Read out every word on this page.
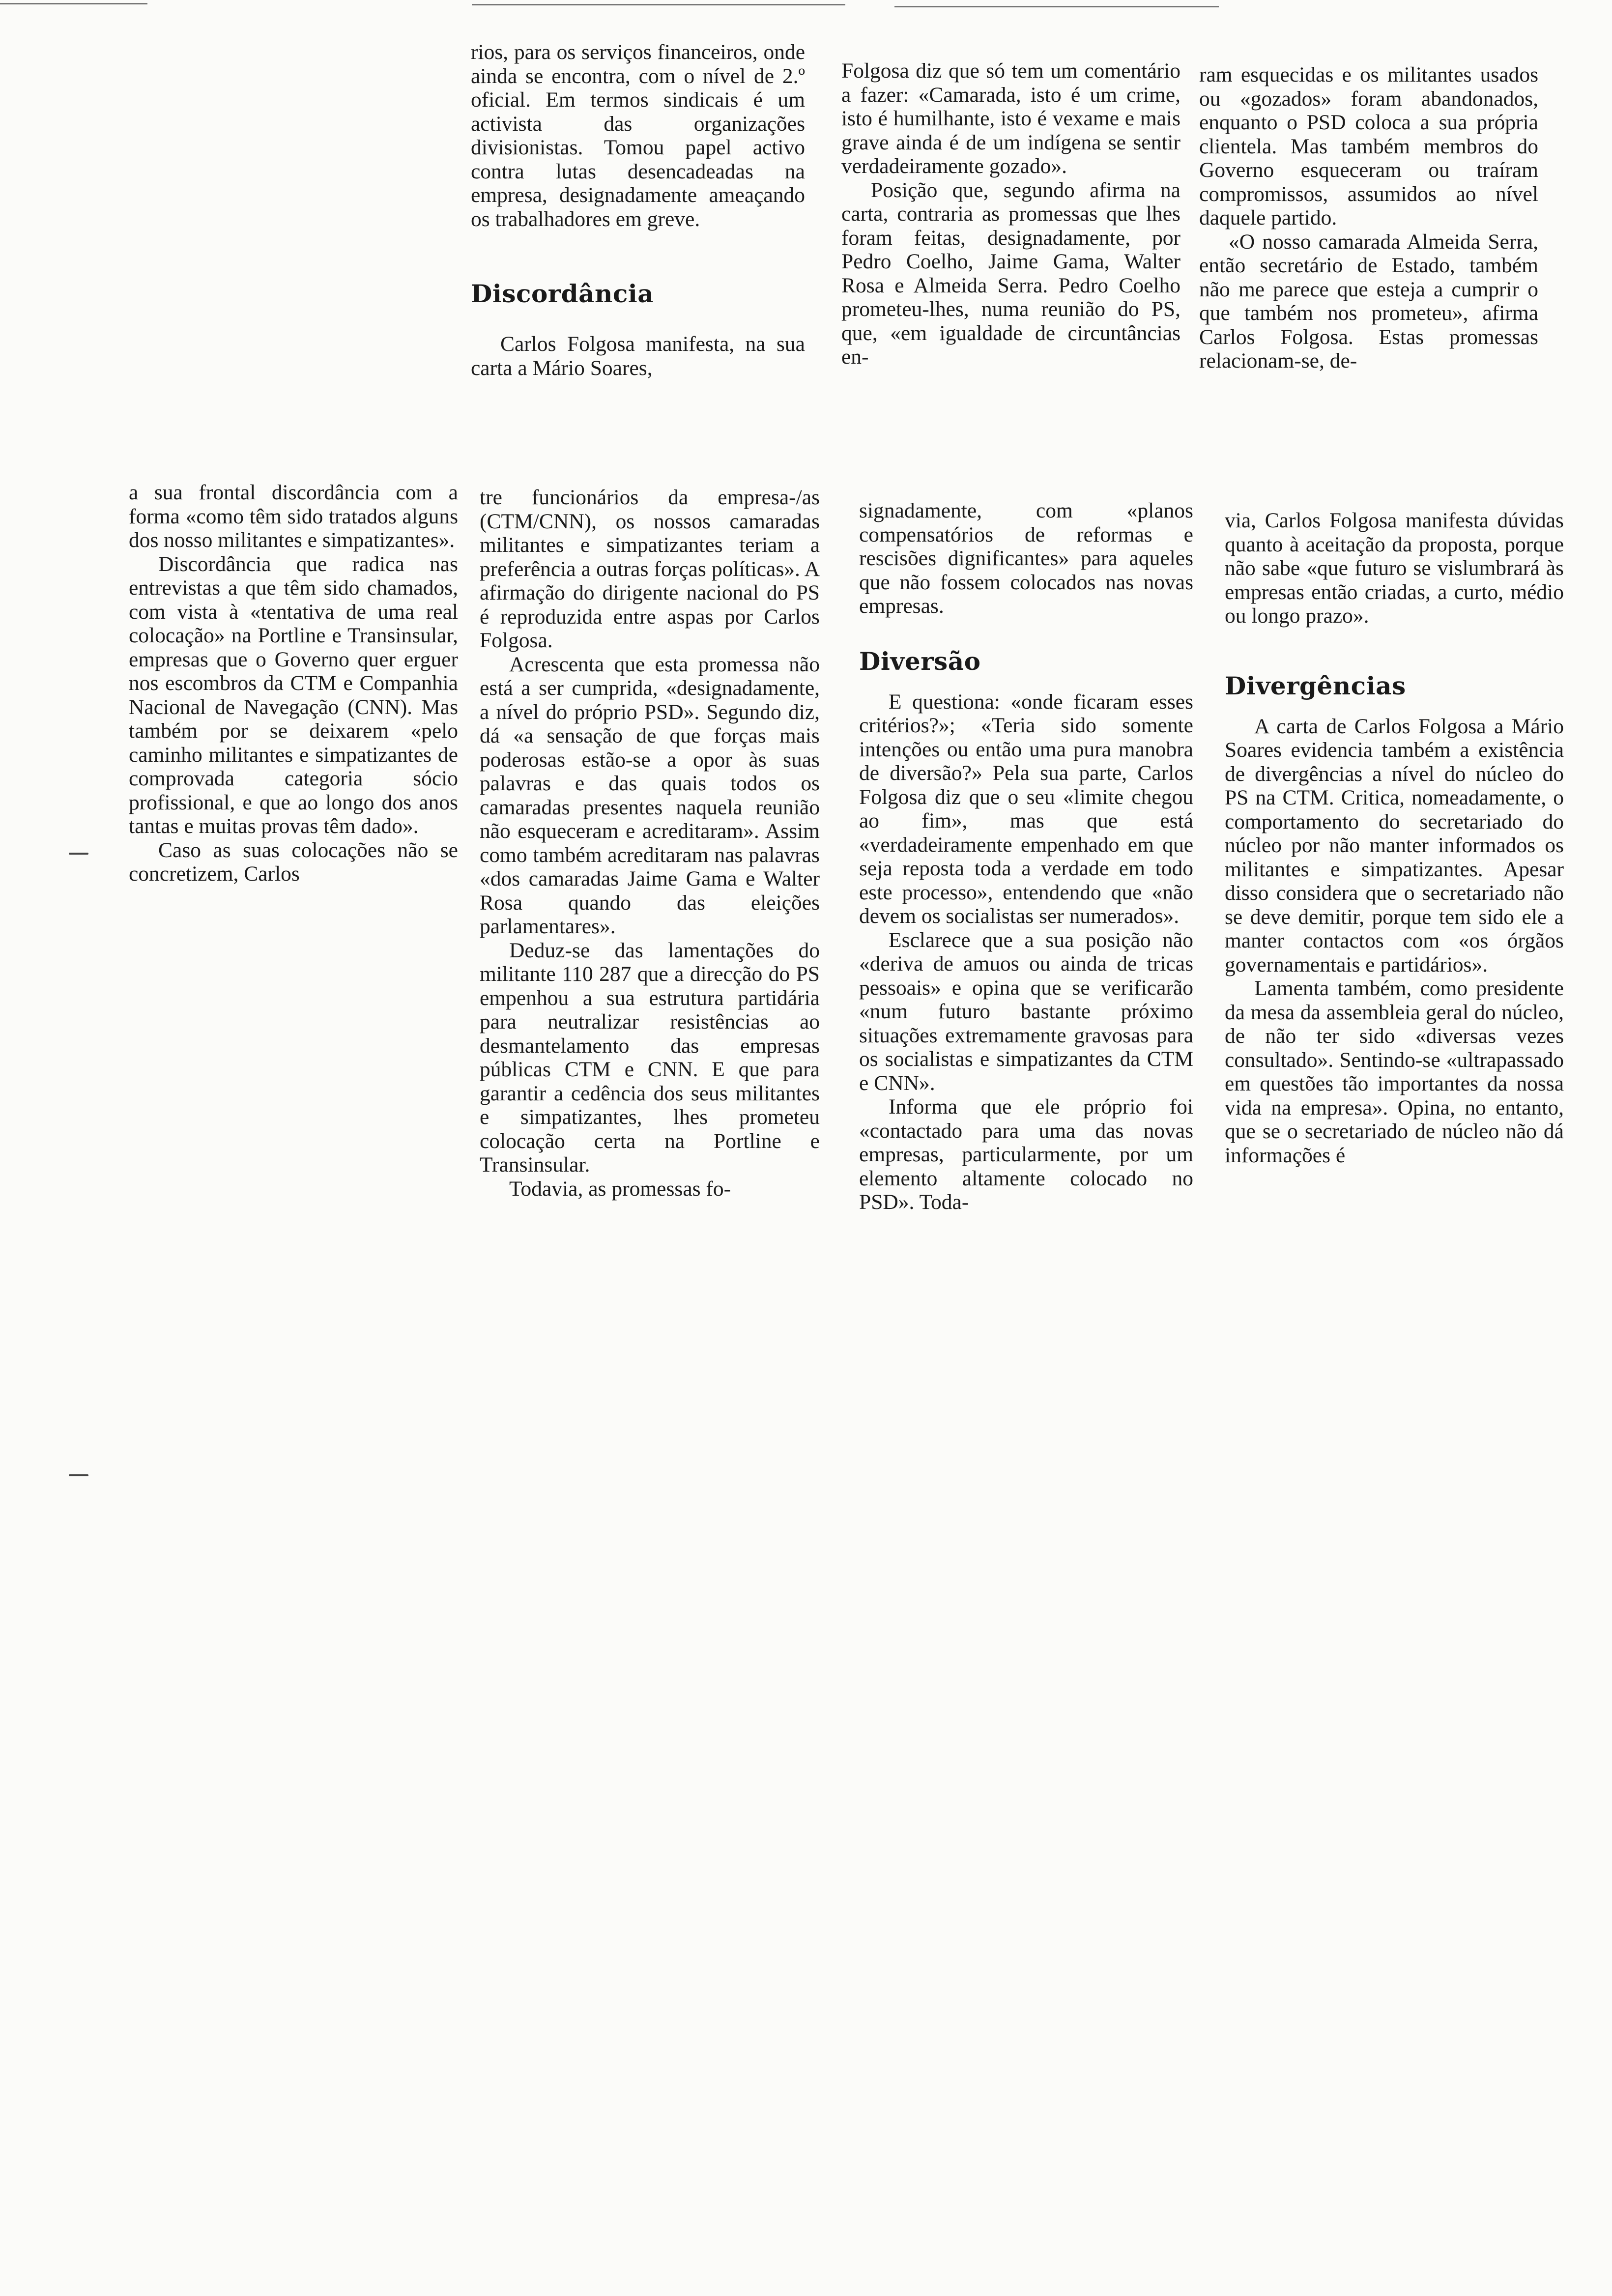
a sua frontal discordância com a forma «como têm sido tratados alguns dos nosso militantes e simpatizantes».

Discordância que radica nas entrevistas a que têm sido chamados, com vista à «tentativa de uma real colocação» na Portline e Transinsular, empresas que o Governo quer erguer nos escombros da CTM e Companhia Nacional de Navegação (CNN). Mas também por se deixarem «pelo caminho militantes e simpatizantes de comprovada categoria sócio profissional, e que ao longo dos anos tantas e muitas provas têm dado».

Caso as suas colocações não se concretizem, Carlos

rios, para os serviços financeiros, onde ainda se encontra, com o nível de 2.º oficial. Em termos sindicais é um activista das organizações divisionistas. Tomou papel activo contra lutas desencadeadas na empresa, designadamente ameaçando os trabalhadores em greve.

Discordância

Carlos Folgosa manifesta, na sua carta a Mário Soares,

tre funcionários da empresa-/as (CTM/CNN), os nossos camaradas militantes e simpatizantes teriam a preferência a outras forças políticas». A afirmação do dirigente nacional do PS é reproduzida entre aspas por Carlos Folgosa.

Acrescenta que esta promessa não está a ser cumprida, «designadamente, a nível do próprio PSD». Segundo diz, dá «a sensação de que forças mais poderosas estão-se a opor às suas palavras e das quais todos os camaradas presentes naquela reunião não esqueceram e acreditaram». Assim como também acreditaram nas palavras «dos camaradas Jaime Gama e Walter Rosa quando das eleições parlamentares».

Deduz-se das lamentações do militante 110 287 que a direcção do PS empenhou a sua estrutura partidária para neutralizar resistências ao desmantelamento das empresas públicas CTM e CNN. E que para garantir a cedência dos seus militantes e simpatizantes, lhes prometeu colocação certa na Portline e Transinsular.

Todavia, as promessas fo-

Folgosa diz que só tem um comentário a fazer: «Camarada, isto é um crime, isto é humilhante, isto é vexame e mais grave ainda é de um indígena se sentir verdadeiramente gozado».

Posição que, segundo afirma na carta, contraria as promessas que lhes foram feitas, designadamente, por Pedro Coelho, Jaime Gama, Walter Rosa e Almeida Serra. Pedro Coelho prometeu-lhes, numa reunião do PS, que, «em igualdade de circuntâncias en-

signadamente, com «planos compensatórios de reformas e rescisões dignificantes» para aqueles que não fossem colocados nas novas empresas.

Diversão

E questiona: «onde ficaram esses critérios?»; «Teria sido somente intenções ou então uma pura manobra de diversão?» Pela sua parte, Carlos Folgosa diz que o seu «limite chegou ao fim», mas que está «verdadeiramente empenhado em que seja reposta toda a verdade em todo este processo», entendendo que «não devem os socialistas ser numerados».

Esclarece que a sua posição não «deriva de amuos ou ainda de tricas pessoais» e opina que se verificarão «num futuro bastante próximo situações extremamente gravosas para os socialistas e simpatizantes da CTM e CNN».

Informa que ele próprio foi «contactado para uma das novas empresas, particularmente, por um elemento altamente colocado no PSD». Toda-

ram esquecidas e os militantes usados ou «gozados» foram abandonados, enquanto o PSD coloca a sua própria clientela. Mas também membros do Governo esqueceram ou traíram compromissos, assumidos ao nível daquele partido.

«O nosso camarada Almeida Serra, então secretário de Estado, também não me parece que esteja a cumprir o que também nos prometeu», afirma Carlos Folgosa. Estas promessas relacionam-se, de-

via, Carlos Folgosa manifesta dúvidas quanto à aceitação da proposta, porque não sabe «que futuro se vislumbrará às empresas então criadas, a curto, médio ou longo prazo».

Divergências

A carta de Carlos Folgosa a Mário Soares evidencia também a existência de divergências a nível do núcleo do PS na CTM. Critica, nomeadamente, o comportamento do secretariado do núcleo por não manter informados os militantes e simpatizantes. Apesar disso considera que o secretariado não se deve demitir, porque tem sido ele a manter contactos com «os órgãos governamentais e partidários».

Lamenta também, como presidente da mesa da assembleia geral do núcleo, de não ter sido «diversas vezes consultado». Sentindo-se «ultrapassado em questões tão importantes da nossa vida na empresa». Opina, no entanto, que se o secretariado de núcleo não dá informações é
